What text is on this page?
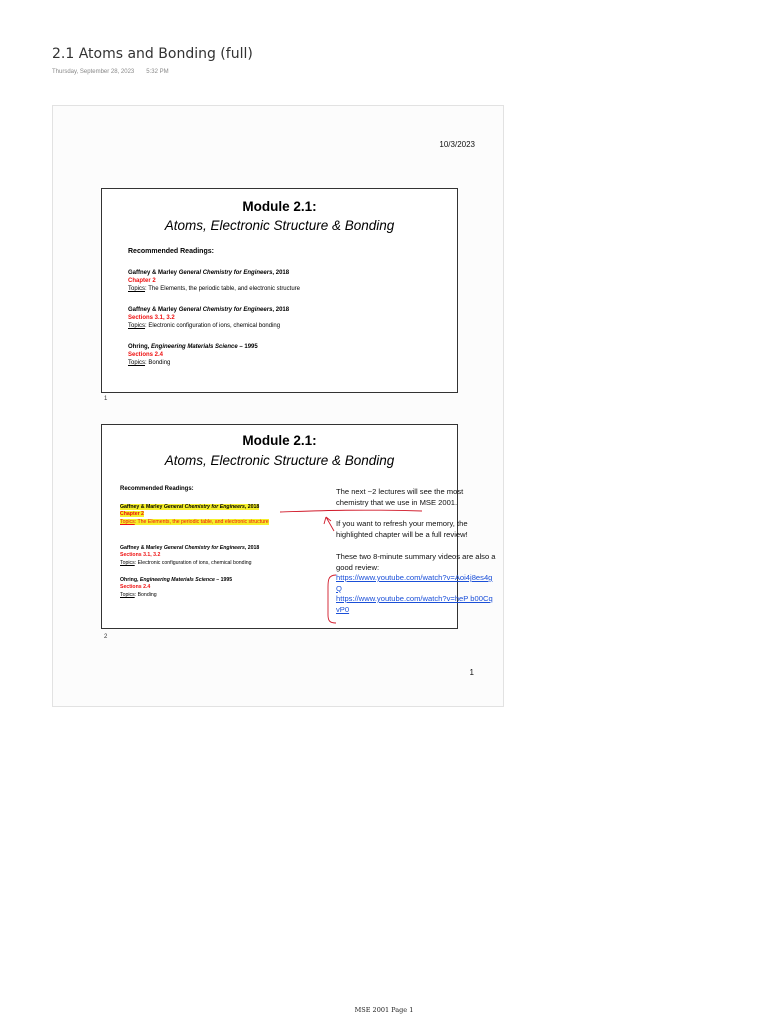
2.1 Atoms and Bonding (full)
Thursday, September 28, 2023 5:32 PM
10/3/2023
Module 2.1:
Atoms, Electronic Structure & Bonding
Recommended Readings:
Gaffney & Marley General Chemistry for Engineers, 2018
Chapter 2
Topics: The Elements, the periodic table, and electronic structure
Gaffney & Marley General Chemistry for Engineers, 2018
Sections 3.1, 3.2
Topics: Electronic configuration of ions, chemical bonding
Ohring, Engineering Materials Science – 1995
Sections 2.4
Topics: Bonding
1
Module 2.1:
Atoms, Electronic Structure & Bonding
Recommended Readings:
Gaffney & Marley General Chemistry for Engineers, 2018
Chapter 2
Topics: The Elements, the periodic table, and electronic structure
Gaffney & Marley General Chemistry for Engineers, 2018
Sections 3.1, 3.2
Topics: Electronic configuration of ions, chemical bonding
Ohring, Engineering Materials Science – 1995
Sections 2.4
Topics: Bonding
The next ~2 lectures will see the most chemistry that we use in MSE 2001.
If you want to refresh your memory, the highlighted chapter will be a full review!
These two 8-minute summary videos are also a good review:
https://www.youtube.com/watch?v=Aoi4j8es4gQ
https://www.youtube.com/watch?v=heP b00CqvP0
2
1
MSE 2001 Page 1
